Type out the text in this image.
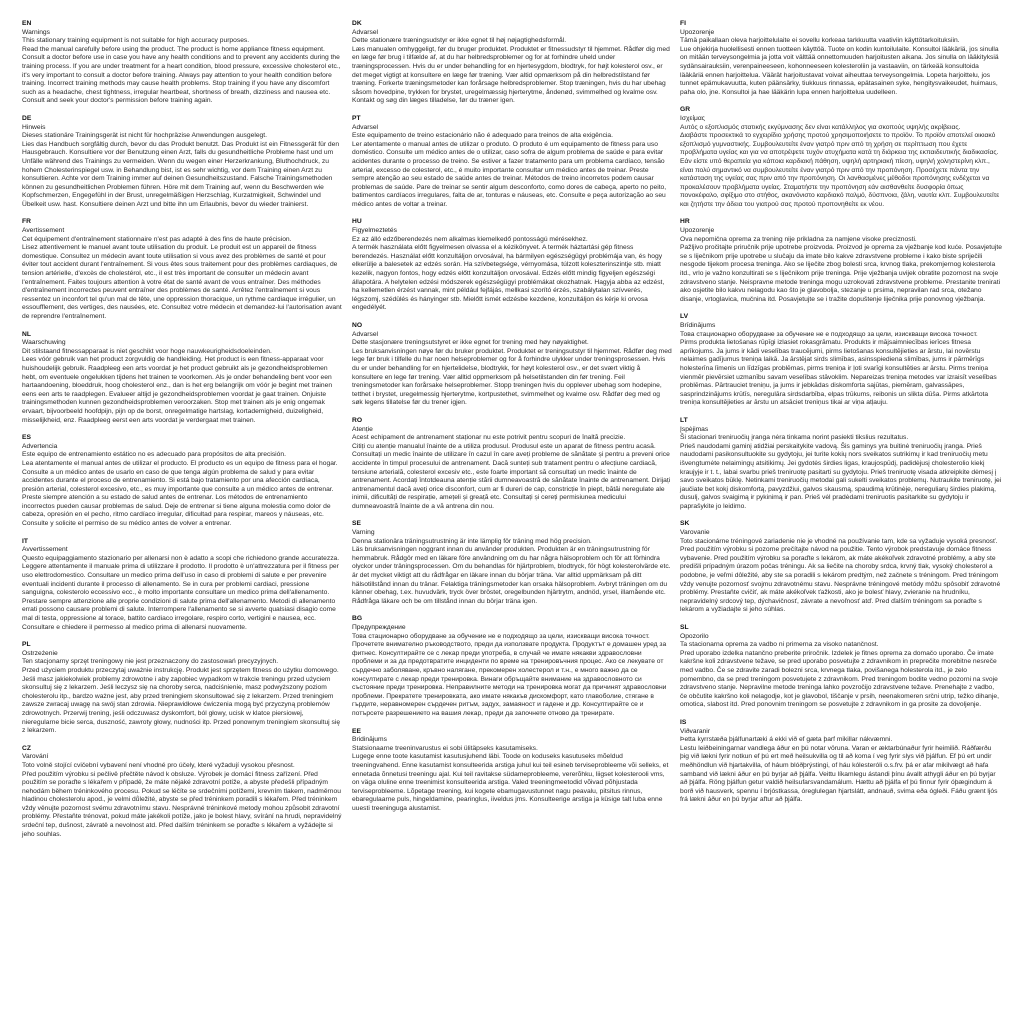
EN
Warnings
This stationary training equipment is not suitable for high accuracy purposes.
Read the manual carefully before using the product. The product is home appliance fitness equipment. Consult a doctor before use in case you have any health conditions and to prevent any accidents during the training process. If you are under treatment for a heart condition, blood pressure, excessive cholesterol etc., it's very important to consult a doctor before training. Always pay attention to your health condition before training. Incorrect training methods may cause health problems. Stop training if you have any discomfort such as a headache, chest tightness, irregular heartbeat, shortness of breath, dizziness and nausea etc. Consult and seek your doctor's permission before training again.
DE
Hinweis
Dieses stationäre Trainingsgerät ist nicht für hochpräzise Anwendungen ausgelegt.
Lies das Handbuch sorgfältig durch, bevor du das Produkt benutzt. Das Produkt ist ein Fitnessgerät für den Hausgebrauch. Konsultiere vor der Benutzung einen Arzt, falls du gesundheitliche Probleme hast und um Unfälle während des Trainings zu vermeiden. Wenn du wegen einer Herzerkrankung, Bluthochdruck, zu hohem Cholesterinspiegel usw. in Behandlung bist, ist es sehr wichtig, vor dem Training einen Arzt zu konsultieren. Achte vor dem Training immer auf deinen Gesundheitszustand. Falsche Trainingsmethoden können zu gesundheitlichen Problemen führen. Höre mit dem Training auf, wenn du Beschwerden wie Kopfschmerzen, Engegefühl in der Brust, unregelmäßigen Herzschlag, Kurzatmigkeit, Schwindel und Übelkeit usw. hast. Konsultiere deinen Arzt und bitte ihn um Erlaubnis, bevor du wieder trainierst.
FR
Avertissement
Cet équipement d'entraînement stationnaire n'est pas adapté à des fins de haute précision.
Lisez attentivement le manuel avant toute utilisation du produit. Le produit est un appareil de fitness domestique. Consultez un médecin avant toute utilisation si vous avez des problèmes de santé et pour éviter tout accident durant l'entraînement. Si vous êtes sous traitement pour des problèmes cardiaques, de tension artérielle, d'excès de cholestérol, etc., il est très important de consulter un médecin avant l'entraînement. Faites toujours attention à votre état de santé avant de vous entraîner. Des méthodes d'entraînement incorrectes peuvent entraîner des problèmes de santé. Arrêtez l'entraînement si vous ressentez un inconfort tel qu'un mal de tête, une oppression thoracique, un rythme cardiaque irrégulier, un essoufflement, des vertiges, des nausées, etc. Consultez votre médecin et demandez-lui l'autorisation avant de reprendre l'entraînement.
NL
Waarschuwing
Dit stilstaand fitnessapparaat is niet geschikt voor hoge nauwkeurigheidsdoeleinden.
Lees vóór gebruik van het product zorgvuldig de handleiding. Het product is een fitness-apparaat voor huishoudelijk gebruik. Raadpleeg een arts voordat je het product gebruikt als je gezondheidsproblemen hebt, om eventuele ongelukken tijdens het trainen te voorkomen. Als je onder behandeling bent voor een hartaandoening, bloeddruk, hoog cholesterol enz., dan is het erg belangrijk om vóór je begint met trainen eens een arts te raadplegen. Evalueer altijd je gezondheidsproblemen voordat je gaat trainen. Onjuiste trainingsmethoden kunnen gezondheidsproblemen veroorzaken. Stop met trainen als je enig ongemak ervaart, bijvoorbeeld hoofdpijn, pijn op de borst, onregelmatige hartslag, kortademigheid, duizeligheid, misselijkheid, enz. Raadpleeg eerst een arts voordat je verdergaat met trainen.
ES
Advertencia
Este equipo de entrenamiento estático no es adecuado para propósitos de alta precisión.
Lea atentamente el manual antes de utilizar el producto. El producto es un equipo de fitness para el hogar. Consulte a un médico antes de usarlo en caso de que tenga algún problema de salud y para evitar accidentes durante el proceso de entrenamiento. Si está bajo tratamiento por una afección cardíaca, presión arterial, colesterol excesivo, etc., es muy importante que consulte a un médico antes de entrenar. Preste siempre atención a su estado de salud antes de entrenar. Los métodos de entrenamiento incorrectos pueden causar problemas de salud. Deje de entrenar si tiene alguna molestia como dolor de cabeza, opresión en el pecho, ritmo cardíaco irregular, dificultad para respirar, mareos y náuseas, etc. Consulte y solicite el permiso de su médico antes de volver a entrenar.
IT
Avvertissement
Questo equipaggiamento stazionario per allenarsi non è adatto a scopi che richiedono grande accuratezza.
Leggere attentamente il manuale prima di utilizzare il prodotto. Il prodotto è un'attrezzatura per il fitness per uso elettrodomestico. Consultare un medico prima dell'uso in caso di problemi di salute e per prevenire eventuali incidenti durante il processo di allenamento. Se in cura per problemi cardiaci, pressione sanguigna, colesterolo eccessivo ecc., è molto importante consultare un medico prima dell'allenamento. Prestare sempre attenzione alle proprie condizioni di salute prima dell'allenamento. Metodi di allenamento errati possono causare problemi di salute. Interrompere l'allenamento se si avverte qualsiasi disagio come mal di testa, oppressione al torace, battito cardiaco irregolare, respiro corto, vertigini e nausea, ecc. Consultare e chiedere il permesso al medico prima di allenarsi nuovamente.
PL
Ostrzeżenie
Ten stacjonarny sprzęt treningowy nie jest przeznaczony do zastosowań precyzyjnych.
Przed użyciem produktu przeczytaj uważnie instrukcję. Produkt jest sprzętem fitness do użytku domowego. Jeśli masz jakiekolwiek problemy zdrowotne i aby zapobiec wypadkom w trakcie treningu przed użyciem skonsultuj się z lekarzem. Jeśli leczysz się na choroby serca, nadciśnienie, masz podwyższony poziom cholesterolu itp., bardzo ważne jest, aby przed treningiem skonsultować się z lekarzem. Przed treningiem zawsze zwracaj uwagę na swój stan zdrowia. Nieprawidłowe ćwiczenia mogą być przyczyną problemów zdrowotnych. Przerwij trening, jeśli odczuwasz dyskomfort, ból głowy, ucisk w klatce piersiowej, nieregularne bicie serca, duszność, zawroty głowy, nudności itp. Przed ponownym treningiem skonsultuj się z lekarzem.
CZ
Varování
Toto volně stojící cvičební vybavení není vhodné pro účely, které vyžadují vysokou přesnost.
Před použitím výrobku si pečlivě přečtěte návod k obsluze. Výrobek je domácí fitness zařízení. Před použitím se poraďte s lékařem v případě, že máte nějaké zdravotní potíže, a abyste předešli případným nehodám během tréninkového procesu. Pokud se léčíte se srdečními potížemi, krevním tlakem, nadměrnou hladinou cholesterolu apod., je velmi důležité, abyste se před tréninkem poradili s lékařem. Před tréninkem vždy věnujte pozornost svému zdravotnímu stavu. Nesprávné tréninkové metody mohou způsobit zdravotní problémy. Přestaňte trénovat, pokud máte jakékoli potíže, jako je bolest hlavy, svírání na hrudi, nepravidelný srdeční tep, dušnost, závratě a nevolnost atd. Před dalším tréninkem se poraďte s lékařem a vyžádejte si jeho souhlas.
DK
Advarsel
Dette stationære træningsudstyr er ikke egnet til høj nøjagtighedsformål.
Læs manualen omhyggeligt, før du bruger produktet. Produktet er fitnessudstyr til hjemmet. Rådfør dig med en læge før brug i tilfælde af, at du har helbredsproblemer og for at forhindre uheld under træningsprocessen. Hvis du er under behandling for en hjertesygdom, blodtryk, for højt kolesterol osv., er det meget vigtigt at konsultere en læge før træning. Vær altid opmærksom på din helbredstilstand før træning. Forkerte træningsmetoder kan forårsage helbredsproblemer. Stop træningen, hvis du har ubehag såsom hovedpine, trykken for brystet, uregelmæssig hjerterytme, åndenød, svimmelhed og kvalme osv. Kontakt og søg din læges tilladelse, før du træner igen.
PT
Advarsel
Este equipamento de treino estacionário não é adequado para treinos de alta exigência.
Ler atentamente o manual antes de utilizar o produto. O produto é um equipamento de fitness para uso doméstico. Consulte um médico antes de o utilizar, caso sofra de algum problema de saúde e para evitar acidentes durante o processo de treino. Se estiver a fazer tratamento para um problema cardíaco, tensão arterial, excesso de colesterol, etc., é muito importante consultar um médico antes de treinar. Preste sempre atenção ao seu estado de saúde antes de treinar. Métodos de treino incorretos podem causar problemas de saúde. Pare de treinar se sentir algum desconforto, como dores de cabeça, aperto no peito, batimentos cardíacos irregulares, falta de ar, tonturas e náuseas, etc. Consulte e peça autorização ao seu médico antes de voltar a treinar.
HU
Figyelmeztetés
Ez az álló edzőberendezés nem alkalmas kiemelkedő pontosságú mérésekhez.
A termék használata előtt figyelmesen olvassa el a kézikönyvet. A termék háztartási gép fitness berendezés. Használat előtt konzultáljon orvosával, ha bármilyen egészségügyi problémája van, és hogy elkerülje a balesetek az edzés során. Ha szívbetegsége, vérnyomása, túlzott koleszterinszintje stb. miatt kezelik, nagyon fontos, hogy edzés előtt konzultáljon orvosával. Edzés előtt mindig figyeljen egészségi állapotára. A helytelen edzési módszerek egészségügyi problémákat okozhatnak. Hagyja abba az edzést, ha kellemetlen érzést vannak, mint például fejfájás, mellkasi szorító érzés, szabálytalan szívverés, légszomj, szédülés és hányinger stb. Mielőtt ismét edzésbe kezdene, konzultáljon és kérje ki orvosa engedélyét.
NO
Advarsel
Dette stasjonære treningsutstyret er ikke egnet for trening med høy nøyaktighet.
Les bruksanvisningen nøye før du bruker produktet. Produktet er treningsutstyr til hjemmet. Rådfør deg med lege før bruk i tilfelle du har noen helseproblemer og for å forhindre ulykker under treningsprosessen. Hvis du er under behandling for en hjertelidelse, blodtrykk, for høyt kolesterol osv., er det svært viktig å konsultere en lege før trening. Vær alltid oppmerksom på helsetilstanden din før trening. Feil treningsmetoder kan forårsake helseproblemer. Stopp treningen hvis du opplever ubehag som hodepine, tetthet i brystet, uregelmessig hjerterytme, kortpustethet, svimmelhet og kvalme osv. Rådfør deg med og søk legens tillatelse før du trener igjen.
RO
Atenție
Acest echipament de antrenament staționar nu este potrivit pentru scopuri de înaltă precizie.
Citiți cu atenție manualul înainte de a utiliza produsul. Produsul este un aparat de fitness pentru acasă. Consultați un medic înainte de utilizare în cazul în care aveți probleme de sănătate și pentru a preveni orice accidente în timpul procesului de antrenament. Dacă sunteți sub tratament pentru o afecțiune cardiacă, tensiune arterială, colesterol excesiv etc., este foarte important să consultați un medic înainte de antrenament. Acordați întotdeauna atenție stării dumneavoastră de sănătate înainte de antrenament. Dirijați antrenamentul dacă aveți orice disconfort, cum ar fi dureri de cap, constricție în piept, bătăi neregulate ale inimii, dificultăți de respirație, amețeli și greață etc. Consultați și cereți permisiunea medicului dumneavoastră înainte de a vă antrena din nou.
SE
Varning
Denna stationära träningsutrustning är inte lämplig för träning med hög precision.
Läs bruksanvisningen noggrant innan du använder produkten. Produkten är en träningsutrustning för hemmabruk. Rådgör med en läkare före användning om du har några hälsoproblem och för att förhindra olyckor under träningsprocessen. Om du behandlas för hjärtproblem, blodtryck, för högt kolesterolvärde etc. är det mycket viktigt att du rådfrågar en läkare innan du börjar träna. Var alltid uppmärksam på ditt hälsotillstånd innan du tränar. Felaktiga träningsmetoder kan orsaka hälsoproblem. Avbryt träningen om du känner obehag, t.ex. huvudvärk, tryck över bröstet, oregelbunden hjärtrytm, andnöd, yrsel, illamående etc. Rådfråga läkare och be om tillstånd innan du börjar träna igen.
BG
Предупреждение
Това стационарно оборудване за обучение не е подходящо за цели, изискващи висока точност.
Прочетете внимателно ръководството, преди да използвате продукта. Продуктът е домашен уред за фитнес. Консултирайте се с лекар преди употреба, в случай че имате някакви здравословни проблеми и за да предотвратите инциденти по време на тренировъчния процес. Ако се лекувате от сърдечно заболяване, кръвно налягане, прекомерен холестерол и т.н., е много важно да се консултирате с лекар преди тренировка. Винаги обръщайте внимание на здравословното си състояние преди тренировка. Неправилните методи на тренировка могат да причинят здравословни проблеми. Прекратете тренировката, ако имате някакъв дискомфорт, като главоболие, стягане в гърдите, неравномерен сърдечен ритъм, задух, замаяност и гадене и др. Консултирайте се и потърсете разрешението на вашия лекар, преди да започнете отново да тренирате.
EE
Bridinājums
Statsionaarne treeninvarustus ei sobi ülitäpseks kasutamiseks.
Lugege enne toote kasutamist kasutusjuhend läbi. Toode on koduseks kasutuseks mõeldud treeningvahend. Enne kasutamist konsulteerida arstiga juhul kui teil esineb terviseprobleeme või selleks, et ennetada õnnetusi treeningu ajal. Kui teil ravitakse südameprobleeme, vererõhku, liigset kolesterooli vms, on väga oluline enne treenimist konsulteerida arstiga. Valed treeningmeetodid võivad põhjustada terviseprobleeme. Lõpetage treening, kui kogete ebamugavustunnet nagu peavalu, pitsitus rinnus, ebaregulaarne puls, hingeldamine, pearinglus, iiveldus jms. Konsulteerige arstiga ja küsige talt luba enne uuesti treeninguga alustamist.
FI
Upozorenje
Tämä paikallaan oleva harjoittelulaite ei sovellu korkeaa tarkkuutta vaativiin käyttötarkoituksiin.
Lue ohjekirja huolellisesti ennen tuotteen käyttöä. Tuote on kodin kuntoilulaite. Konsultoi lääkäriä, jos sinulla on mitään terveysongelmia ja jotta voit välttää onnettomuuden harjoitusten aikana. Jos sinulla on lääkityksiä sydänsairauksiin, verenpaineeseen, kohonneeseen kolesteroliin ja vastaaviin, on tärkeää konsultoida lääkäriä ennen harjoittelua. Väärät harjoitustavat voivat aiheuttaa terveysongelmia. Lopeta harjoittelu, jos tunnet epämukavuutta, kuten päänsärky, tiukkuus rinnassa, epätasainen syke, hengitysvaikeudet, huimaus, paha olo, jne. Konsultoi ja hae lääkärin lupa ennen harjoittelua uudelleen.
GR
Ισχείμας
Αυτός ο εξοπλισμός στατικής εκγύμνασης δεν είναι κατάλληλος για σκοπούς υψηλής ακρίβειας.
Διαβάστε προσεκτικά το εγχειρίδιο χρήσης προτού χρησιμοποιήσετε το προϊόν. Το προϊόν αποτελεί οικιακό εξοπλισμό γυμναστικής. Συμβουλευτείτε έναν γιατρό πριν από τη χρήση σε περίπτωση που έχετε προβλήματα υγείας και για να αποτρέψετε τυχόν ατυχήματα κατά τη διάρκεια της εκπαιδευτικής διαδικασίας. Εάν είστε υπό θεραπεία για κάποια καρδιακή πάθηση, υψηλή αρτηριακή πίεση, υψηλή χοληστερίνη κλπ., είναι πολύ σημαντικό να συμβουλευτείτε έναν γιατρό πριν από την προπόνηση. Προσέχετε πάντα την κατάσταση της υγείας σας πριν από την προπόνηση. Οι λανθασμένες μέθοδοι προπόνησης ενδέχεται να προκαλέσουν προβλήματα υγείας. Σταματήστε την προπόνηση εάν αισθανθείτε δυσφορία όπως πονοκέφαλο, σφίξιμο στο στήθος, ακανόνιστο καρδιακό παλμό, δύσπνοια, ζάλη, ναυτία κλπ. Συμβουλευτείτε και ζητήστε την άδεια του γιατρού σας προτού προπονηθείτε εκ νέου.
HR
Upozorenje
Ova nepomična oprema za trening nije prikladna za namjene visoke preciznosti.
Pažljivo pročitajte priručnik prije upotrebe proizvoda. Proizvod je oprema za vježbanje kod kuće. Posavjetujte se s liječnikom prije upotrebe u slučaju da imate bilo kakve zdravstvene probleme i kako biste spriječili nesgode tijekom procesa treninga. Ako se liječite zbog bolesti srca, krvnog tlaka, prekomjernog kolesterola itd., vrlo je važno konzultirati se s liječnikom prije treninga. Prije vježbanja uvijek obratite pozornost na svoje zdravstveno stanje. Neispravne metode treninga mogu uzrokovati zdravstvene probleme. Prestanite trenirati ako osjetite bilo kakvu nelagodu kao što je glavobolja, stezanje u prsima, nepravilan rad srca, otežano disanje, vrtoglavica, mučnina itd. Posavjetujte se i tražite dopuštenje liječnika prije ponovnog vježbanja.
LV
Brīdinājums
Това стационарно оборудване за обучение не е подходящо за цели, изискващи висока точност.
Pirms produkta lietošanas rūpīgi izlasiet rokasgrāmatu. Produkts ir mājsaimniecības ierīces fitnesa aprīkojums. Ja jums ir kādi veselības traucējumi, pirms lietošanas konsultējieties ar ārstu, lai novērstu nelaimes gadījumus treniņa laikā. Ja ārstējat sirds slimības, asinsspiediena slimības, jums ir pārmērīgs holesterīna līmenis un līdzīgas problēmas, pirms treniņa ir ļoti svarīgi konsultēties ar ārstu. Pirms treniņa vienmēr pievērsiet uzmanību savam veselības stāvoklim. Nepareizas treniņa metodes var izraisīt veselības problēmas. Pārtrauciet treniņu, ja jums ir jebkādas diskomforta sajūtas, piemēram, galvassāpes, sasprindzinājums krūtīs, neregulāra sirdsdarbība, elpas trūkums, reibonis un slikta dūša. Pirms atkārtota treniņa konsultējieties ar ārstu un atsāciet treniņus tikai ar viņa atļauju.
LT
Įspėjimas
Ši stacionari treniruočių įranga nėra tinkama norint pasiekti tikslius rezultatus.
Prieš naudodami gaminį atidžiai perskaitykite vadovą. Šis gaminys yra buitinė treniruočių įranga. Prieš naudodami pasikonsultuokite su gydytoju, jei turite kokių nors sveikatos sutrikimų ir kad treniruočių metu išvengtumėte nelaimingų atsitikimų. Jei gydotės širdies ligas, kraujospūdį, padidėjusį cholesterolio kiekį kraujyje ir t. t., labai svarbu prieš treniruotę pasitarti su gydytoju. Prieš treniruotę visada atkreipkite dėmesį į savo sveikatos būklę. Netinkami treniruočių metodai gali sukelti sveikatos problemų. Nutraukite treniruotę, jei jaučiate bet kokį diskomfortą, pavyzdžiui, galvos skausmą, spaudimą krūtinėje, nereguliarų širdies plakimą, dusulį, galvos svaigimą ir pykinimą ir pan. Prieš vėl pradėdami treniruotis pasitarkite su gydytoju ir paprašykite jo leidimo.
SK
Varovanie
Toto stacionárne tréningové zariadenie nie je vhodné na používanie tam, kde sa vyžaduje vysoká presnosť.
Pred použitím výrobku si pozorne prečítajte návod na použitie. Tento výrobok predstavuje domáce fitness vybavenie. Pred použitím výrobku sa poraďte s lekárom, ak máte akékoľvek zdravotné problémy, a aby ste predišli prípadným úrazom počas tréningu. Ak sa liečite na choroby srdca, krvný tlak, vysoký cholesterol a podobne, je veľmi dôležité, aby ste sa poradili s lekárom predtým, než začnete s tréningom. Pred tréningom vždy venujte pozornosť svojmu zdravotnému stavu. Nesprávne tréningové metódy môžu spôsobiť zdravotné problémy. Prestaňte cvičiť, ak máte akékoľvek ťažkosti, ako je bolesť hlavy, zvieranie na hrudníku, nepravidelný srdcový tep, dýchavičnosť, závrate a nevoľnosť atď. Pred ďalším tréningom sa poraďte s lekárom a vyžiadajte si jeho súhlas.
SL
Opozorilo
Ta stacionarna oprema za vadbo ni primerna za visoko natančnost.
Pred uporabo izdelka natančno preberite priročnik. Izdelek je fitnes oprema za domačo uporabo. Če imate kakršne koli zdravstvene težave, se pred uporabo posvetujte z zdravnikom in preprečite morebitne nesreče med vadbo. Če se zdravite zaradi bolezni srca, krvnega tlaka, povišanega holesterola itd., je zelo pomembno, da se pred treningom posvetujete z zdravnikom. Pred treningom bodite vedno pozorni na svoje zdravstveno stanje. Nepravilne metode treninga lahko povzročijo zdravstvene težave. Prenehajte z vadbo, če občutite kakršno koli nelagodje, kot je glavobol, tiščanje v prsih, neenakomeren srčni utrip, težko dihanje, omotica, slabost itd. Pred ponovnim treningom se posvetujte z zdravnikom in ga prosite za dovoljenje.
IS
Viðvaranir
Þetta kyrrstæða þjálfunartæki á ekki við ef gæta þarf mikillar nákvæmni.
Lestu leiðbeiningarnar vandlega áður en þú notar vöruna. Varan er æktarbúnaður fyrir heimilið. Ráðfærðu þig við lækni fyrir notkun ef þú ert með heilsukvilla og til að koma í veg fyrir slys við þjálfun. Ef þú ert undir meðhöndlun við hjartakvilla, of háum blóðþrýstingi, of háu kólesteróli o.s.frv. þá er afar mikilvægt að hafa samband við lækni áður en þú byrjar að þjálfa. Veittu líkamlegu ástandi þínu ávallt athygli áður en þú byrjar að þjálfa. Röng þjálfun getur valdið heilsufarsvandamálum. Hættu að þjálfa ef þú finnur fyrir óþægindum á borð við hausverk, spennu í brjóstkassa, óreglulegan hjartslátt, andnauð, svima eða ógleði. Fáðu grænt ljós frá lækni áður en þú byrjar aftur að þjálfa.
